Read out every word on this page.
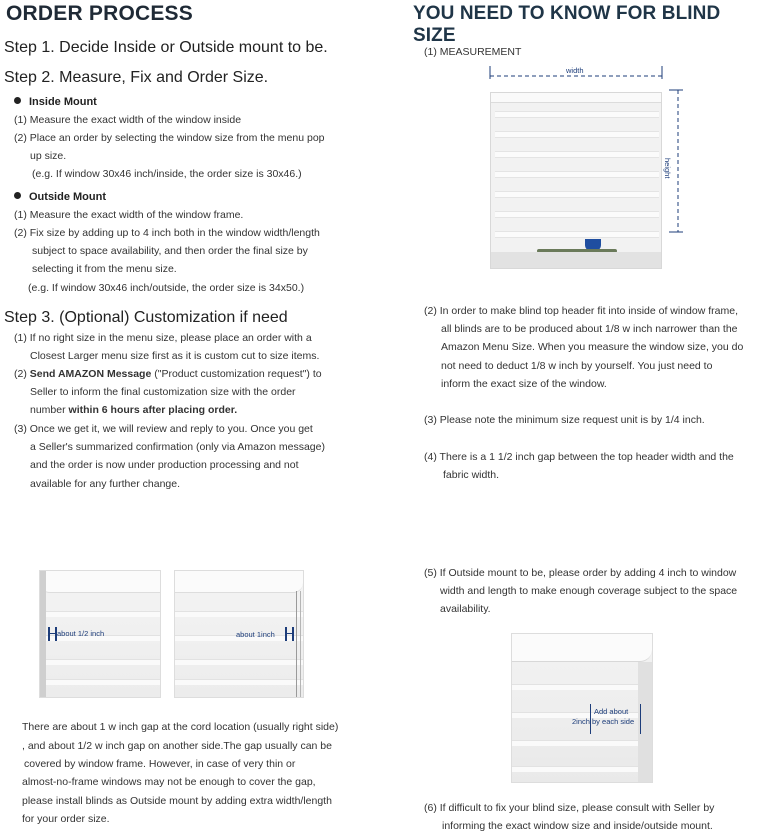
ORDER PROCESS
Step 1. Decide Inside or Outside mount to be.
Step 2. Measure, Fix and Order Size.
Inside Mount
(1) Measure the exact width of the window inside
(2) Place an order by selecting the window size from the menu pop
up size.
(e.g. If window 30x46 inch/inside, the order size is 30x46.)
Outside Mount
(1) Measure the exact width of the window frame.
(2) Fix size by adding up to 4 inch both in the window width/length
subject to space availability, and then order the final size by
selecting it from the menu size.
(e.g. If window 30x46 inch/outside, the order size is 34x50.)
Step 3. (Optional) Customization if need
(1) If no right size in the menu size, please place an order with a
Closest Larger menu size first as it is custom cut to size items.
(2) Send AMAZON Message ("Product customization request") to
Seller to inform the final customization size with the order
number within 6 hours after placing order.
(3) Once we get it, we will review and reply to you. Once you get
a Seller's summarized confirmation (only via Amazon message)
and the order is now under production processing and not
available for any further change.
about 1/2 inch	about 1inch
There are about 1 w inch gap at the cord location (usually right side)
, and about 1/2 w inch gap on another side.The gap usually can be
covered by window frame. However, in case of very thin or
almost-no-frame windows may not be enough to cover the gap,
please install blinds as Outside mount by adding extra width/length
for your order size.
YOU NEED TO KNOW FOR BLIND SIZE
(1) MEASUREMENT
width
height
(2) In order to make blind top header fit into inside of window frame,
all blinds are to be produced about 1/8 w inch narrower than the
Amazon Menu Size. When you measure the window size, you do
not need to deduct 1/8 w inch by yourself. You just need to
inform the exact size of the window.
(3) Please note the minimum size request unit is by 1/4 inch.
(4) There is a 1 1/2 inch gap between the top header width and the
fabric width.
(5) If Outside mount to be, please order by adding 4 inch to window
width and length to make enough coverage subject to the space
availability.
Add about
2inch by each side
(6) If difficult to fix your blind size, please consult with Seller by
informing the exact window size and inside/outside mount.
